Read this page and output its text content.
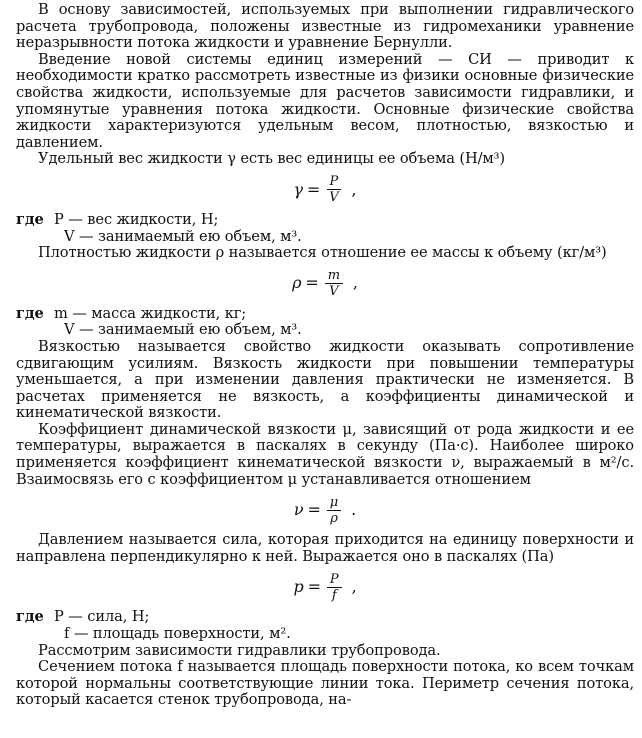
В основу зависимостей, используемых при выполнении гидравлического расчета трубопровода, положены известные из гидромеханики уравнение неразрывности потока жидкости и уравнение Бернулли.

Введение новой системы единиц измерений — СИ — приводит к необходимости кратко рассмотреть известные из физики основные физические свойства жидкости, используемые для расчетов зависимости гидравлики, и упомянутые уравнения потока жидкости. Основные физические свойства жидкости характеризуются удельным весом, плотностью, вязкостью и давлением.

Удельный вес жидкости γ есть вес единицы ее объема (Н/м³)

$\gamma = \frac{P}{V}$ ,
где P — вес жидкости, Н;
V — занимаемый ею объем, м³.

Плотностью жидкости ρ называется отношение ее массы к объему (кг/м³)

$\rho = \frac{m}{V}$ ,
где m — масса жидкости, кг;
V — занимаемый ею объем, м³.

Вязкостью называется свойство жидкости оказывать сопротивление сдвигающим усилиям. Вязкость жидкости при повышении температуры уменьшается, а при изменении давления практически не изменяется. В расчетах применяется не вязкость, а коэффициенты динамической и кинематической вязкости.

Коэффициент динамической вязкости μ, зависящий от рода жидкости и ее температуры, выражается в паскалях в секунду (Па·с). Наиболее широко применяется коэффициент кинематической вязкости ν, выражаемый в м²/с. Взаимосвязь его с коэффициентом μ устанавливается отношением

$\nu = \frac{\mu}{\rho}$ .

Давлением называется сила, которая приходится на единицу поверхности и направлена перпендикулярно к ней. Выражается оно в паскалях (Па)

$p = \frac{P}{f}$ ,
где P — сила, Н;
f — площадь поверхности, м².

Рассмотрим зависимости гидравлики трубопровода.

Сечением потока f называется площадь поверхности потока, ко всем точкам которой нормальны соответствующие линии тока. Периметр сечения потока, который касается стенок трубопровода, на-
